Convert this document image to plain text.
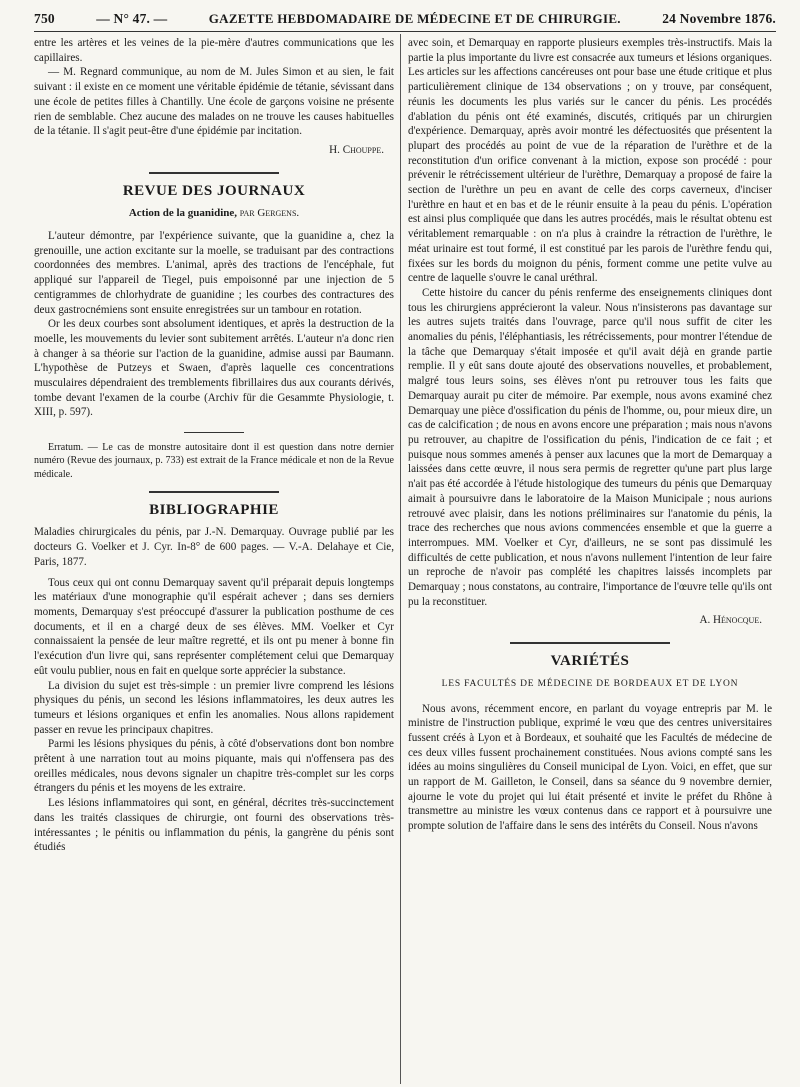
750	— N° 47. —	GAZETTE HEBDOMADAIRE DE MÉDECINE ET DE CHIRURGIE.	24 Novembre 1876.

entre les artères et les veines de la pie-mère d'autres communications que les capillaires.

— M. Regnard communique, au nom de M. Jules Simon et au sien, le fait suivant : il existe en ce moment une véritable épidémie de tétanie, sévissant dans une école de petites filles à Chantilly. Une école de garçons voisine ne présente rien de semblable. Chez aucune des malades on ne trouve les causes habituelles de la tétanie. Il s'agit peut-être d'une épidémie par incitation.

H. Chouppe.
REVUE DES JOURNAUX
Action de la guanidine, par Gergens.

L'auteur démontre, par l'expérience suivante, que la guanidine a, chez la grenouille, une action excitante sur la moelle, se traduisant par des contractions coordonnées des membres. L'animal, après des tractions de l'encéphale, fut appliqué sur l'appareil de Tiegel, puis empoisonné par une injection de 5 centigrammes de chlorhydrate de guanidine ; les courbes des contractures des deux gastrocnémiens sont ensuite enregistrées sur un tambour en rotation.

Or les deux courbes sont absolument identiques, et après la destruction de la moelle, les mouvements du levier sont subitement arrêtés. L'auteur n'a donc rien à changer à sa théorie sur l'action de la guanidine, admise aussi par Baumann. L'hypothèse de Putzeys et Swaen, d'après laquelle ces concentrations musculaires dépendraient des tremblements fibrillaires dus aux courants dérivés, tombe devant l'examen de la courbe (Archiv für die Gesammte Physiologie, t. XIII, p. 597).

Erratum. — Le cas de monstre autositaire dont il est question dans notre dernier numéro (Revue des journaux, p. 733) est extrait de la France médicale et non de la Revue médicale.

BIBLIOGRAPHIE

Maladies chirurgicales du pénis, par J.-N. Demarquay. Ouvrage publié par les docteurs G. Voelker et J. Cyr. In-8° de 600 pages. — V.-A. Delahaye et Cie, Paris, 1877.

Tous ceux qui ont connu Demarquay savent qu'il préparait depuis longtemps les matériaux d'une monographie qu'il espérait achever ; dans ses derniers moments, Demarquay s'est préoccupé d'assurer la publication posthume de ces documents, et il en a chargé deux de ses élèves. MM. Voelker et Cyr connaissaient la pensée de leur maître regretté, et ils ont pu mener à bonne fin l'exécution d'un livre qui, sans représenter complétement celui que Demarquay eût voulu publier, nous en fait en quelque sorte apprécier la substance.

La division du sujet est très-simple : un premier livre comprend les lésions physiques du pénis, un second les lésions inflammatoires, les deux autres les tumeurs et lésions organiques et enfin les anomalies. Nous allons rapidement passer en revue les principaux chapitres.

Parmi les lésions physiques du pénis, à côté d'observations dont bon nombre prêtent à une narration tout au moins piquante, mais qui n'offensera pas des oreilles médicales, nous devons signaler un chapitre très-complet sur les corps étrangers du pénis et les moyens de les extraire.

Les lésions inflammatoires qui sont, en général, décrites très-succinctement dans les traités classiques de chirurgie, ont fourni des observations très-intéressantes ; le pénitis ou inflammation du pénis, la gangrène du pénis sont étudiés

avec soin, et Demarquay en rapporte plusieurs exemples très-instructifs. Mais la partie la plus importante du livre est consacrée aux tumeurs et lésions organiques. Les articles sur les affections cancéreuses ont pour base une étude critique et plus particulièrement clinique de 134 observations ; on y trouve, par conséquent, réunis les documents les plus variés sur le cancer du pénis. Les procédés d'ablation du pénis ont été examinés, discutés, critiqués par un chirurgien d'expérience. Demarquay, après avoir montré les défectuosités que présentent la plupart des procédés au point de vue de la réparation de l'urèthre et de la reconstitution d'un orifice convenant à la miction, expose son procédé : pour prévenir le rétrécissement ultérieur de l'urèthre, Demarquay a proposé de faire la section de l'urèthre un peu en avant de celle des corps caverneux, d'inciser l'urèthre en haut et en bas et de le réunir ensuite à la peau du pénis. L'opération est ainsi plus compliquée que dans les autres procédés, mais le résultat obtenu est véritablement remarquable : on n'a plus à craindre la rétraction de l'urèthre, le méat urinaire est tout formé, il est constitué par les parois de l'urèthre fendu qui, fixées sur les bords du moignon du pénis, forment comme une petite vulve au centre de laquelle s'ouvre le canal uréthral.

Cette histoire du cancer du pénis renferme des enseignements cliniques dont tous les chirurgiens apprécieront la valeur. Nous n'insisterons pas davantage sur les autres sujets traités dans l'ouvrage, parce qu'il nous suffit de citer les anomalies du pénis, l'éléphantiasis, les rétrécissements, pour montrer l'étendue de la tâche que Demarquay s'était imposée et qu'il avait déjà en grande partie remplie. Il y eût sans doute ajouté des observations nouvelles, et probablement, malgré tous leurs soins, ses élèves n'ont pu retrouver tous les faits que Demarquay aurait pu citer de mémoire. Par exemple, nous avons examiné chez Demarquay une pièce d'ossification du pénis de l'homme, ou, pour mieux dire, un cas de calcification ; de nous en avons encore une préparation ; mais nous n'avons pu retrouver, au chapitre de l'ossification du pénis, l'indication de ce fait ; et puisque nous sommes amenés à penser aux lacunes que la mort de Demarquay a laissées dans cette œuvre, il nous sera permis de regretter qu'une part plus large n'ait pas été accordée à l'étude histologique des tumeurs du pénis que Demarquay aimait à poursuivre dans le laboratoire de la Maison Municipale ; nous aurions retrouvé avec plaisir, dans les notions préliminaires sur l'anatomie du pénis, la trace des recherches que nous avions commencées ensemble et que la guerre a interrompues. MM. Voelker et Cyr, d'ailleurs, ne se sont pas dissimulé les difficultés de cette publication, et nous n'avons nullement l'intention de leur faire un reproche de n'avoir pas complété les chapitres laissés incomplets par Demarquay ; nous constatons, au contraire, l'importance de l'œuvre telle qu'ils ont pu la reconstituer.

A. Hénocque.
VARIÉTÉS
LES FACULTÉS DE MÉDECINE DE BORDEAUX ET DE LYON

Nous avons, récemment encore, en parlant du voyage entrepris par M. le ministre de l'instruction publique, exprimé le vœu que des centres universitaires fussent créés à Lyon et à Bordeaux, et souhaité que les Facultés de médecine de ces deux villes fussent prochainement constituées. Nous avions compté sans les idées au moins singulières du Conseil municipal de Lyon. Voici, en effet, que sur un rapport de M. Gailleton, le Conseil, dans sa séance du 9 novembre dernier, ajourne le vote du projet qui lui était présenté et invite le préfet du Rhône à transmettre au ministre les vœux contenus dans ce rapport et à poursuivre une prompte solution de l'affaire dans le sens des intérêts du Conseil. Nous n'avons
